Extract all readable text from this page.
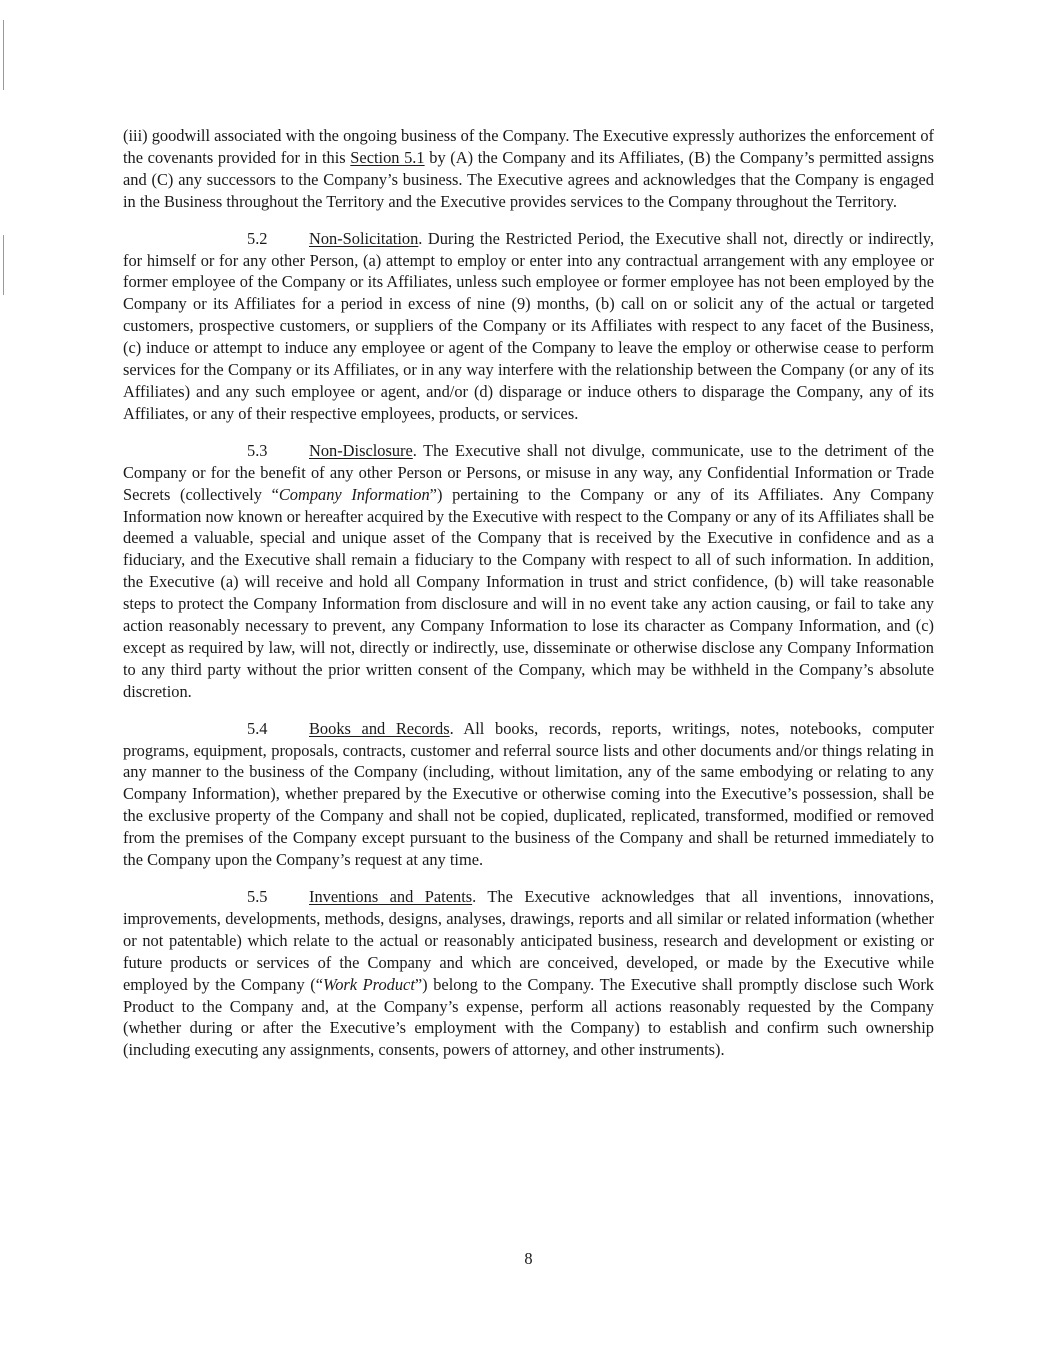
(iii) goodwill associated with the ongoing business of the Company. The Executive expressly authorizes the enforcement of the covenants provided for in this Section 5.1 by (A) the Company and its Affiliates, (B) the Company’s permitted assigns and (C) any successors to the Company’s business. The Executive agrees and acknowledges that the Company is engaged in the Business throughout the Territory and the Executive provides services to the Company throughout the Territory.

5.2	Non-Solicitation. During the Restricted Period, the Executive shall not, directly or indirectly, for himself or for any other Person, (a) attempt to employ or enter into any contractual arrangement with any employee or former employee of the Company or its Affiliates, unless such employee or former employee has not been employed by the Company or its Affiliates for a period in excess of nine (9) months, (b) call on or solicit any of the actual or targeted customers, prospective customers, or suppliers of the Company or its Affiliates with respect to any facet of the Business, (c) induce or attempt to induce any employee or agent of the Company to leave the employ or otherwise cease to perform services for the Company or its Affiliates, or in any way interfere with the relationship between the Company (or any of its Affiliates) and any such employee or agent, and/or (d) disparage or induce others to disparage the Company, any of its Affiliates, or any of their respective employees, products, or services.

5.3	Non-Disclosure. The Executive shall not divulge, communicate, use to the detriment of the Company or for the benefit of any other Person or Persons, or misuse in any way, any Confidential Information or Trade Secrets (collectively “Company Information”) pertaining to the Company or any of its Affiliates. Any Company Information now known or hereafter acquired by the Executive with respect to the Company or any of its Affiliates shall be deemed a valuable, special and unique asset of the Company that is received by the Executive in confidence and as a fiduciary, and the Executive shall remain a fiduciary to the Company with respect to all of such information. In addition, the Executive (a) will receive and hold all Company Information in trust and strict confidence, (b) will take reasonable steps to protect the Company Information from disclosure and will in no event take any action causing, or fail to take any action reasonably necessary to prevent, any Company Information to lose its character as Company Information, and (c) except as required by law, will not, directly or indirectly, use, disseminate or otherwise disclose any Company Information to any third party without the prior written consent of the Company, which may be withheld in the Company’s absolute discretion.

5.4	Books and Records. All books, records, reports, writings, notes, notebooks, computer programs, equipment, proposals, contracts, customer and referral source lists and other documents and/or things relating in any manner to the business of the Company (including, without limitation, any of the same embodying or relating to any Company Information), whether prepared by the Executive or otherwise coming into the Executive’s possession, shall be the exclusive property of the Company and shall not be copied, duplicated, replicated, transformed, modified or removed from the premises of the Company except pursuant to the business of the Company and shall be returned immediately to the Company upon the Company’s request at any time.

5.5	Inventions and Patents. The Executive acknowledges that all inventions, innovations, improvements, developments, methods, designs, analyses, drawings, reports and all similar or related information (whether or not patentable) which relate to the actual or reasonably anticipated business, research and development or existing or future products or services of the Company and which are conceived, developed, or made by the Executive while employed by the Company (“Work Product”) belong to the Company. The Executive shall promptly disclose such Work Product to the Company and, at the Company’s expense, perform all actions reasonably requested by the Company (whether during or after the Executive’s employment with the Company) to establish and confirm such ownership (including executing any assignments, consents, powers of attorney, and other instruments).

8
